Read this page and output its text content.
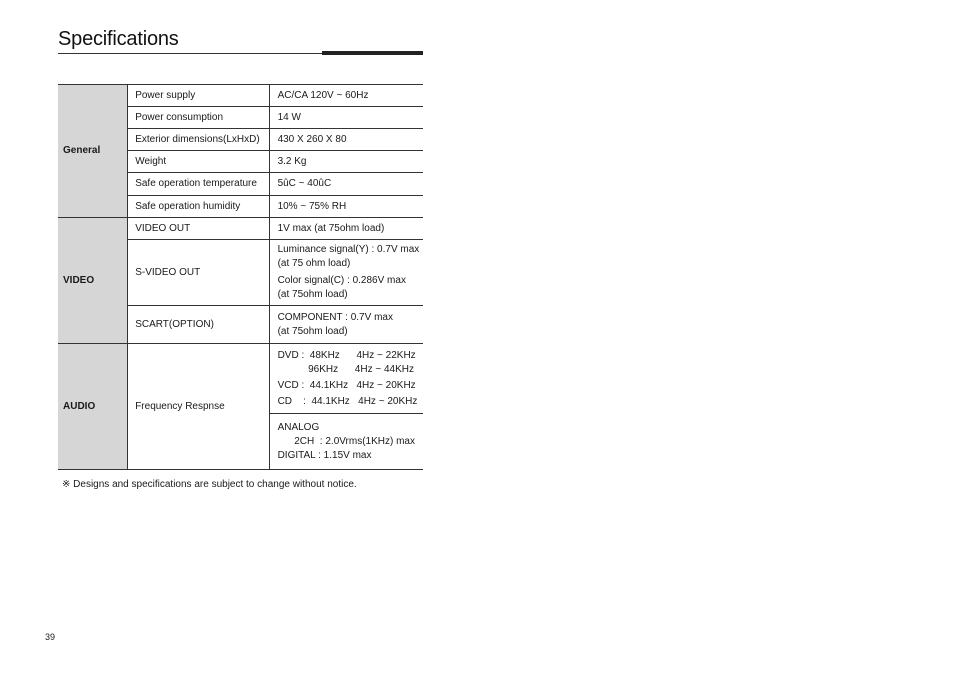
Specifications
General	Power supply	AC/CA 120V ~ 60Hz
	Power consumption	14 W
	Exterior dimensions(LxHxD)	430 X 260 X 80
	Weight	3.2 Kg
	Safe operation temperature	5ûC ~ 40ûC
	Safe operation humidity	10% ~ 75% RH
VIDEO	VIDEO OUT	1V max (at 75ohm load)
	S-VIDEO OUT	Luminance signal(Y) : 0.7V max
(at 75 ohm load)
Color signal(C) : 0.286V max
(at 75ohm load)

	SCART(OPTION)	COMPONENT : 0.7V max
(at 75ohm load)

AUDIO	Frequency Respnse	DVD :  48KHz      4Hz ~ 22KHz
96KHz      4Hz ~ 44KHz
VCD :  44.1KHz   4Hz ~ 20KHz
CD    :  44.1KHz   4Hz ~ 20KHz

		ANALOG
2CH  : 2.0Vrms(1KHz) max
DIGITAL : 1.15V max
※ Designs and specifications are subject to change without notice.
39
